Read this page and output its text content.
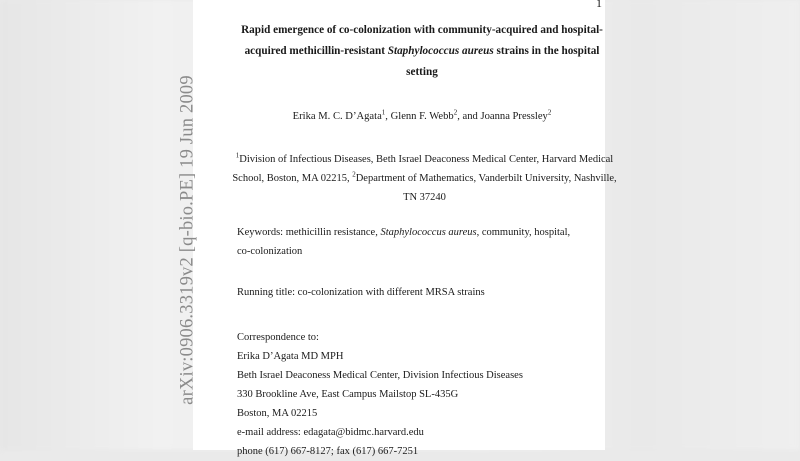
1
arXiv:0906.3319v2 [q-bio.PE] 19 Jun 2009
Rapid emergence of co-colonization with community-acquired and hospital-acquired methicillin-resistant Staphylococcus aureus strains in the hospital setting
Erika M. C. D’Agata$^1$, Glenn F. Webb$^2$, and Joanna Pressley$^2$
$^1$Division of Infectious Diseases, Beth Israel Deaconess Medical Center, Harvard Medical School, Boston, MA 02215, $^2$Department of Mathematics, Vanderbilt University, Nashville, TN 37240
Keywords: methicillin resistance, Staphylococcus aureus, community, hospital, co-colonization
Running title: co-colonization with different MRSA strains
Correspondence to:
Erika D’Agata MD MPH
Beth Israel Deaconess Medical Center, Division Infectious Diseases
330 Brookline Ave, East Campus Mailstop SL-435G
Boston, MA 02215
e-mail address: edagata@bidmc.harvard.edu
phone (617) 667-8127; fax (617) 667-7251
